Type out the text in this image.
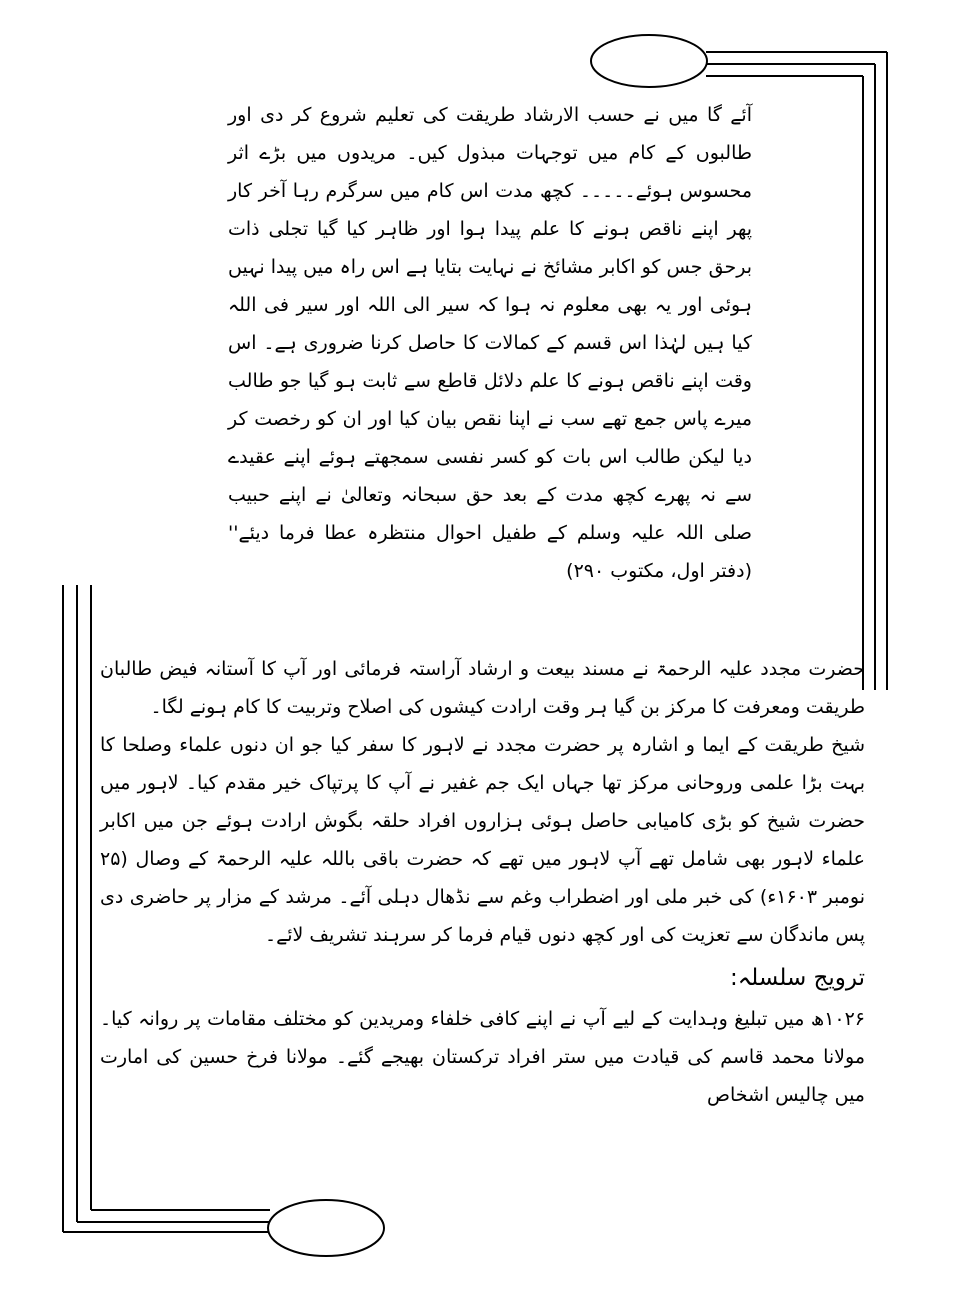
آئے گا میں نے حسب الارشاد طریقت کی تعلیم شروع کر دی اور طالبوں کے کام میں توجہات مبذول کیں۔ مریدوں میں بڑے اثر محسوس ہوئے۔۔۔۔۔ کچھ مدت اس کام میں سرگرم رہا آخر کار پھر اپنے ناقص ہونے کا علم پیدا ہوا اور ظاہر کیا گیا تجلی ذات برحق جس کو اکابر مشائخ نے نہایت بتایا ہے اس راہ میں پیدا نہیں ہوئی اور یہ بھی معلوم نہ ہوا کہ سیر الی اللہ اور سیر فی اللہ کیا ہیں لہٰذا اس قسم کے کمالات کا حاصل کرنا ضروری ہے۔ اس وقت اپنے ناقص ہونے کا علم دلائل قاطع سے ثابت ہو گیا جو طالب میرے پاس جمع تھے سب نے اپنا نقص بیان کیا اور ان کو رخصت کر دیا لیکن طالب اس بات کو کسر نفسی سمجھتے ہوئے اپنے عقیدے سے نہ پھرے کچھ مدت کے بعد حق سبحانہ وتعالیٰ نے اپنے حبیب صلی اللہ علیہ وسلم کے طفیل احوال منتظرہ عطا فرما دیئے'' (دفتر اول، مکتوب ۲۹۰)

حضرت مجدد علیہ الرحمۃ نے مسند بیعت و ارشاد آراستہ فرمائی اور آپ کا آستانہ فیض طالبان طریقت ومعرفت کا مرکز بن گیا ہر وقت ارادت کیشوں کی اصلاح وتربیت کا کام ہونے لگا۔

شیخ طریقت کے ایما و اشارہ پر حضرت مجدد نے لاہور کا سفر کیا جو ان دنوں علماء وصلحا کا بہت بڑا علمی وروحانی مرکز تھا جہاں ایک جم غفیر نے آپ کا پرتپاک خیر مقدم کیا۔ لاہور میں حضرت شیخ کو بڑی کامیابی حاصل ہوئی ہزاروں افراد حلقہ بگوش ارادت ہوئے جن میں اکابر علماء لاہور بھی شامل تھے آپ لاہور میں تھے کہ حضرت باقی باللہ علیہ الرحمۃ کے وصال (۲۵ نومبر ۱۶۰۳ء) کی خبر ملی اور اضطراب وغم سے نڈھال دہلی آئے۔ مرشد کے مزار پر حاضری دی پس ماندگان سے تعزیت کی اور کچھ دنوں قیام فرما کر سرہند تشریف لائے۔

ترویج سلسلہ:

۱۰۲۶ھ میں تبلیغ وہدایت کے لیے آپ نے اپنے کافی خلفاء ومریدین کو مختلف مقامات پر روانہ کیا۔ مولانا محمد قاسم کی قیادت میں ستر افراد ترکستان بھیجے گئے۔ مولانا فرخ حسین کی امارت میں چالیس اشخاص
